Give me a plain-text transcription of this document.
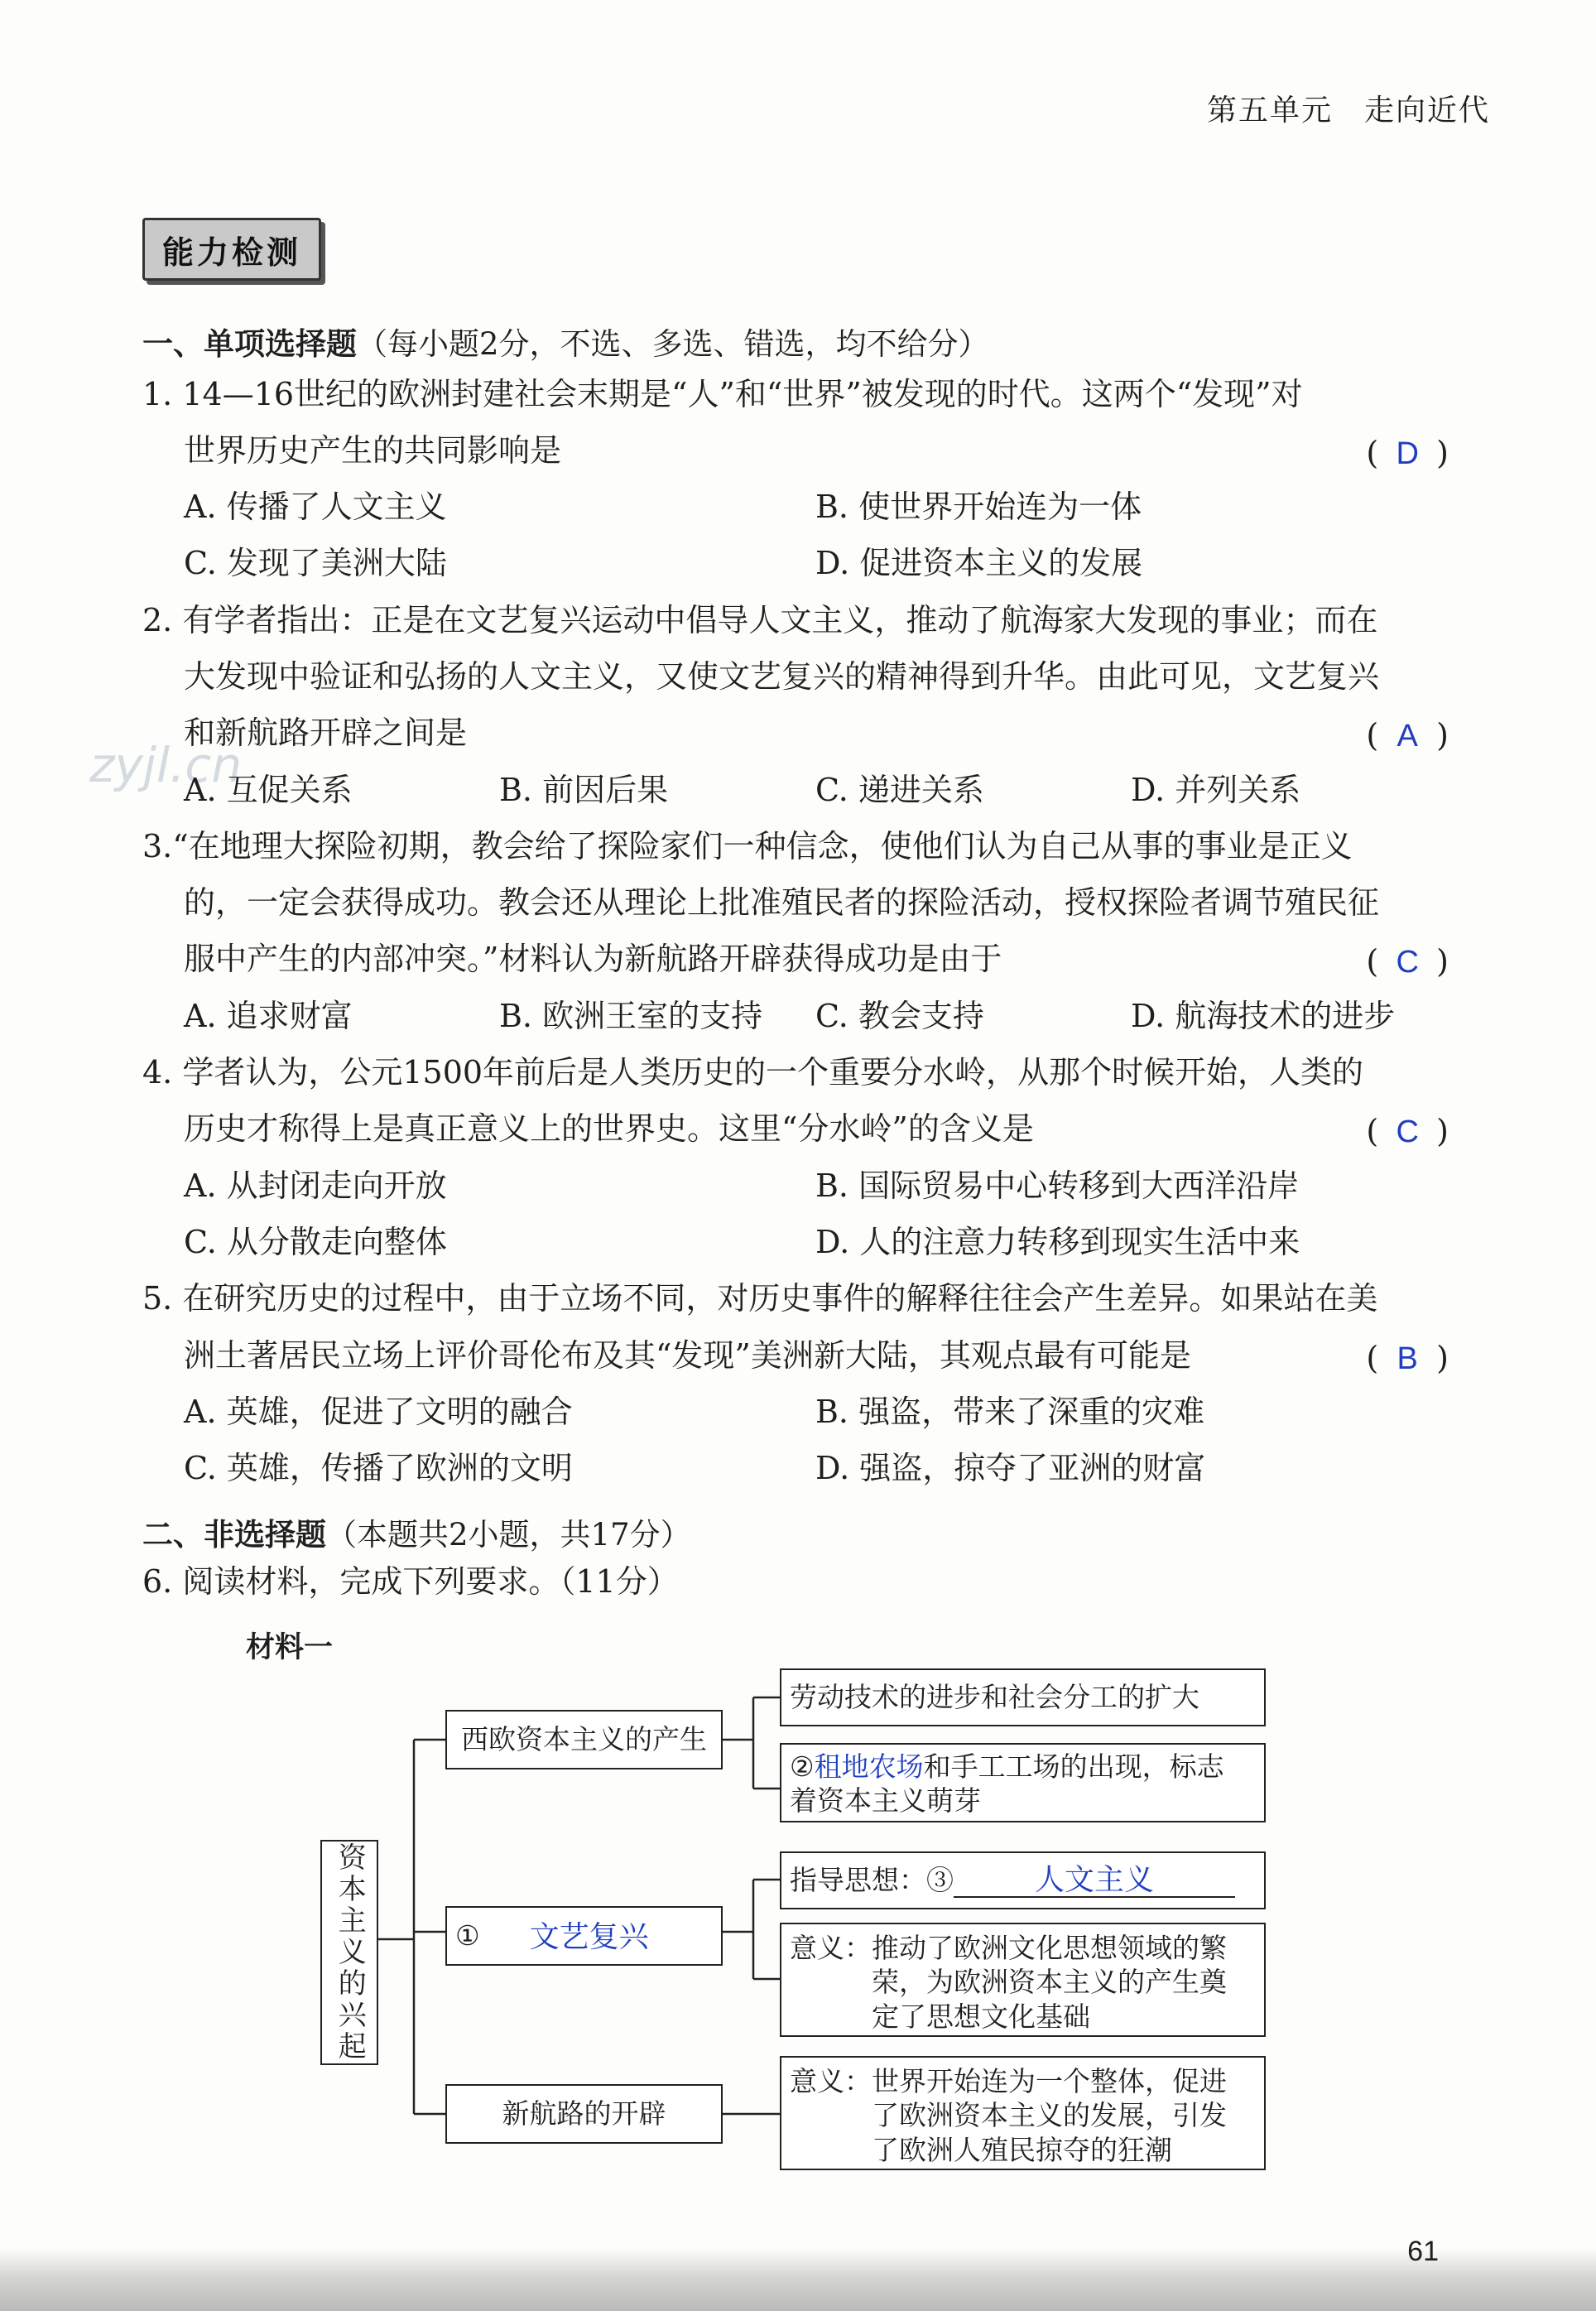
第五单元　走向近代
能力检测
zyjl.cn
一、单项选择题（每小题2分，不选、多选、错选，均不给分）
1. 14—16世纪的欧洲封建社会末期是“人”和“世界”被发现的时代。这两个“发现”对
世界历史产生的共同影响是	( D )
A. 传播了人文主义	B. 使世界开始连为一体
C. 发现了美洲大陆	D. 促进资本主义的发展
2. 有学者指出：正是在文艺复兴运动中倡导人文主义，推动了航海家大发现的事业；而在
大发现中验证和弘扬的人文主义，又使文艺复兴的精神得到升华。由此可见，文艺复兴
和新航路开辟之间是	( A )
A. 互促关系	B. 前因后果	C. 递进关系	D. 并列关系
3.“在地理大探险初期，教会给了探险家们一种信念，使他们认为自己从事的事业是正义
的，一定会获得成功。教会还从理论上批准殖民者的探险活动，授权探险者调节殖民征
服中产生的内部冲突。”材料认为新航路开辟获得成功是由于	( C )
A. 追求财富	B. 欧洲王室的支持 C. 教会支持	D. 航海技术的进步
4. 学者认为，公元1500年前后是人类历史的一个重要分水岭，从那个时候开始，人类的
历史才称得上是真正意义上的世界史。这里“分水岭”的含义是	( C )
A. 从封闭走向开放	B. 国际贸易中心转移到大西洋沿岸
C. 从分散走向整体	D. 人的注意力转移到现实生活中来
5. 在研究历史的过程中，由于立场不同，对历史事件的解释往往会产生差异。如果站在美
洲土著居民立场上评价哥伦布及其“发现”美洲新大陆，其观点最有可能是	( B )
A. 英雄，促进了文明的融合	B. 强盗，带来了深重的灾难
C. 英雄，传播了欧洲的文明	D. 强盗，掠夺了亚洲的财富
二、非选择题（本题共2小题，共17分）
6. 阅读材料，完成下列要求。（11分）
材料一
资本主义的兴起
西欧资本主义的产生
劳动技术的进步和社会分工的扩大
②租地农场和手工工场的出现，标志
着资本主义萌芽
① 文艺复兴
指导思想：③	人文主义
意义： 推动了欧洲文化思想领域的繁
荣，为欧洲资本主义的产生奠
定了思想文化基础
新航路的开辟
意义： 世界开始连为一个整体，促进
了欧洲资本主义的发展，引发
了欧洲人殖民掠夺的狂潮
61
